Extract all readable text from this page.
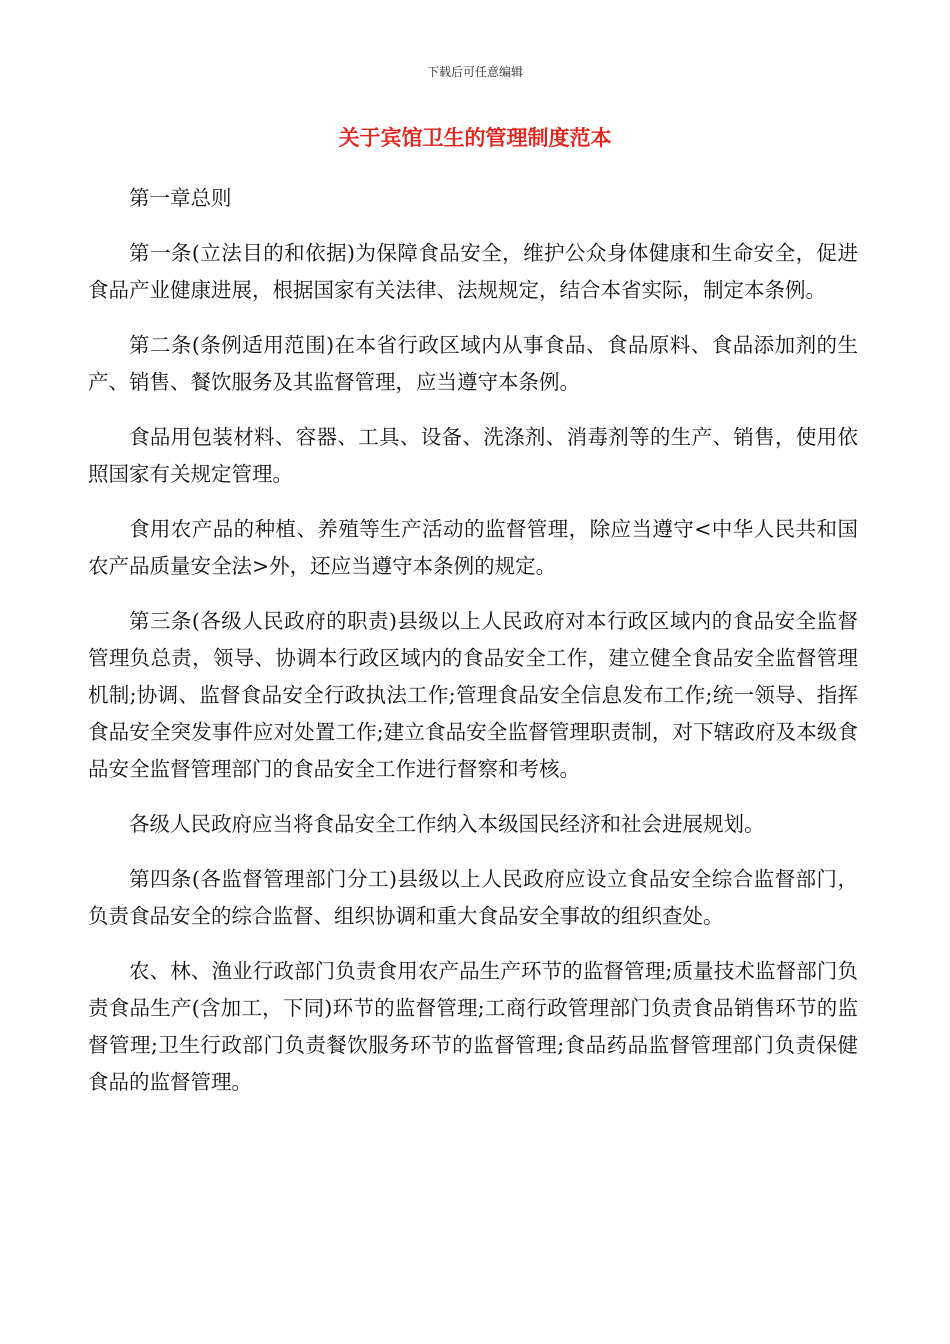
下载后可任意编辑
关于宾馆卫生的管理制度范本

第一章总则

第一条(立法目的和依据)为保障食品安全，维护公众身体健康和生命安全，促进食品产业健康进展，根据国家有关法律、法规规定，结合本省实际，制定本条例。

第二条(条例适用范围)在本省行政区域内从事食品、食品原料、食品添加剂的生产、销售、餐饮服务及其监督管理，应当遵守本条例。

食品用包装材料、容器、工具、设备、洗涤剂、消毒剂等的生产、销售，使用依照国家有关规定管理。

食用农产品的种植、养殖等生产活动的监督管理，除应当遵守<中华人民共和国农产品质量安全法>外，还应当遵守本条例的规定。

第三条(各级人民政府的职责)县级以上人民政府对本行政区域内的食品安全监督管理负总责，领导、协调本行政区域内的食品安全工作，建立健全食品安全监督管理机制;协调、监督食品安全行政执法工作;管理食品安全信息发布工作;统一领导、指挥食品安全突发事件应对处置工作;建立食品安全监督管理职责制，对下辖政府及本级食品安全监督管理部门的食品安全工作进行督察和考核。

各级人民政府应当将食品安全工作纳入本级国民经济和社会进展规划。

第四条(各监督管理部门分工)县级以上人民政府应设立食品安全综合监督部门，负责食品安全的综合监督、组织协调和重大食品安全事故的组织查处。

农、林、渔业行政部门负责食用农产品生产环节的监督管理;质量技术监督部门负责食品生产(含加工，下同)环节的监督管理;工商行政管理部门负责食品销售环节的监督管理;卫生行政部门负责餐饮服务环节的监督管理;食品药品监督管理部门负责保健食品的监督管理。
